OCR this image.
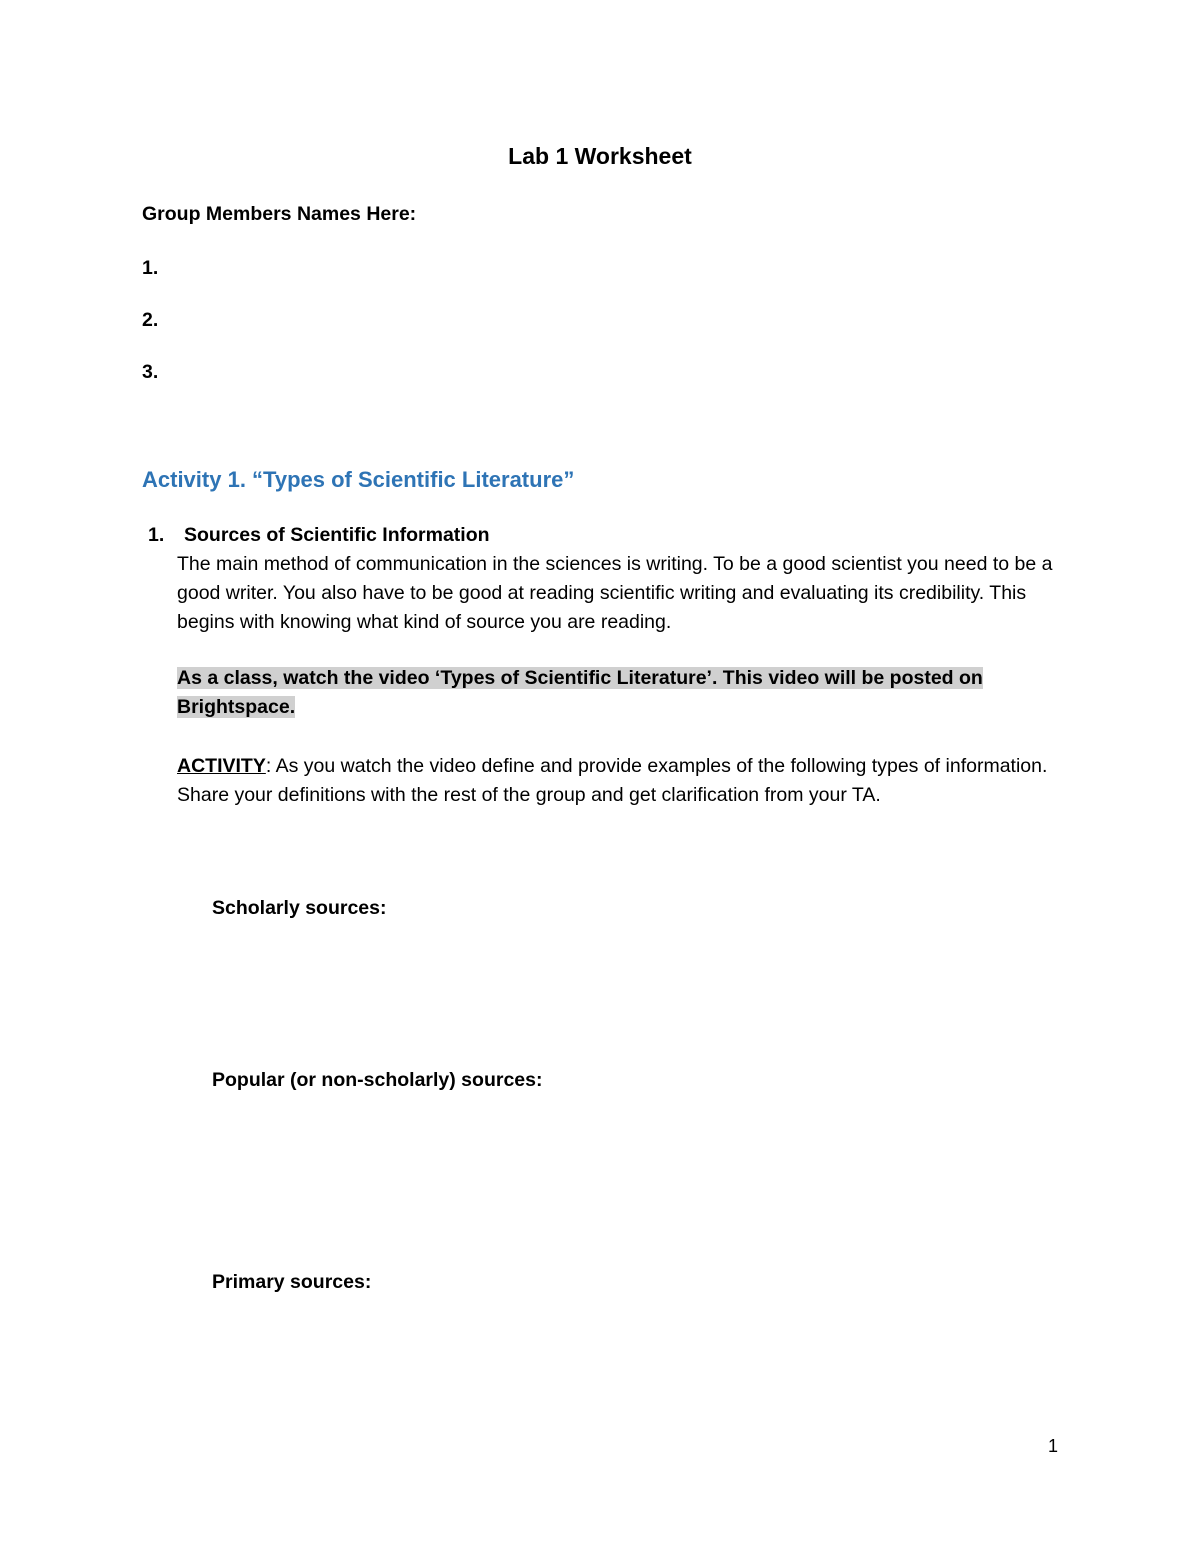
Lab 1 Worksheet
Group Members Names Here:
1.
2.
3.
Activity 1. “Types of Scientific Literature”
1. Sources of Scientific Information
The main method of communication in the sciences is writing. To be a good scientist you need to be a good writer. You also have to be good at reading scientific writing and evaluating its credibility. This begins with knowing what kind of source you are reading.
As a class, watch the video ‘Types of Scientific Literature’. This video will be posted on Brightspace.
ACTIVITY: As you watch the video define and provide examples of the following types of information. Share your definitions with the rest of the group and get clarification from your TA.
Scholarly sources:
Popular (or non-scholarly) sources:
Primary sources:
1
